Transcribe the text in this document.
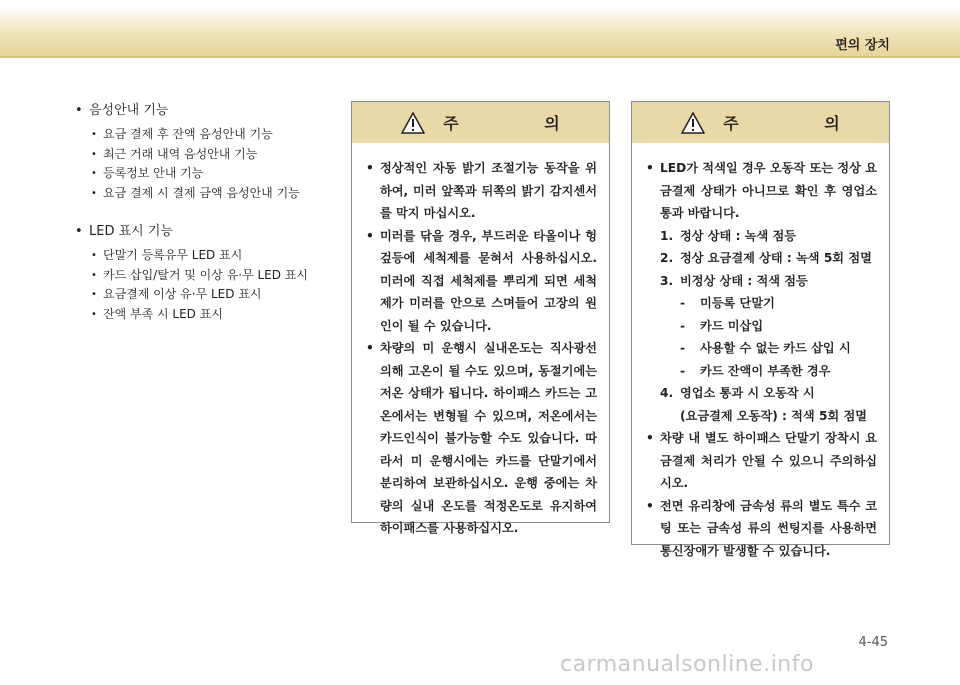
편의 장치
• 음성안내 기능
• 요금 결제 후 잔액 음성안내 기능
• 최근 거래 내역 음성안내 기능
• 등록정보 안내 기능
• 요금 결제 시 결제 금액 음성안내 기능
• LED 표시 기능
• 단말기 등록유무 LED 표시
• 카드 삽입/탈거 및 이상 유·무 LED 표시
• 요금결제 이상 유·무 LED 표시
• 잔액 부족 시 LED 표시
주 의
• 정상적인 자동 밝기 조절기능 동작을 위하여, 미러 앞쪽과 뒤쪽의 밝기 감지센서를 막지 마십시오.
• 미러를 닦을 경우, 부드러운 타올이나 헝겊등에 세척제를 묻혀서 사용하십시오. 미러에 직접 세척제를 뿌리게 되면 세척제가 미러를 안으로 스며들어 고장의 원인이 될 수 있습니다.
• 차량의 미 운행시 실내온도는 직사광선 의해 고온이 될 수도 있으며, 동절기에는 저온 상태가 됩니다. 하이패스 카드는 고온에서는 변형될 수 있으며, 저온에서는 카드인식이 불가능할 수도 있습니다. 따라서 미 운행시에는 카드를 단말기에서 분리하여 보관하십시오. 운행 중에는 차량의 실내 온도를 적정온도로 유지하여 하이패스를 사용하십시오.
주 의
• LED가 적색일 경우 오동작 또는 정상 요금결제 상태가 아니므로 확인 후 영업소 통과 바랍니다.
1. 정상 상태 : 녹색 점등
2. 정상 요금결제 상태 : 녹색 5회 점멸
3. 비정상 상태 : 적색 점등
- 미등록 단말기
- 카드 미삽입
- 사용할 수 없는 카드 삽입 시
- 카드 잔액이 부족한 경우
4. 영업소 통과 시 오동작 시
(요금결제 오동작) : 적색 5회 점멸
• 차량 내 별도 하이패스 단말기 장착시 요금결제 처리가 안될 수 있으니 주의하십시오.
• 전면 유리창에 금속성 류의 별도 특수 코팅 또는 금속성 류의 썬팅지를 사용하면 통신장애가 발생할 수 있습니다.
4-45
carmanualsonline.info
